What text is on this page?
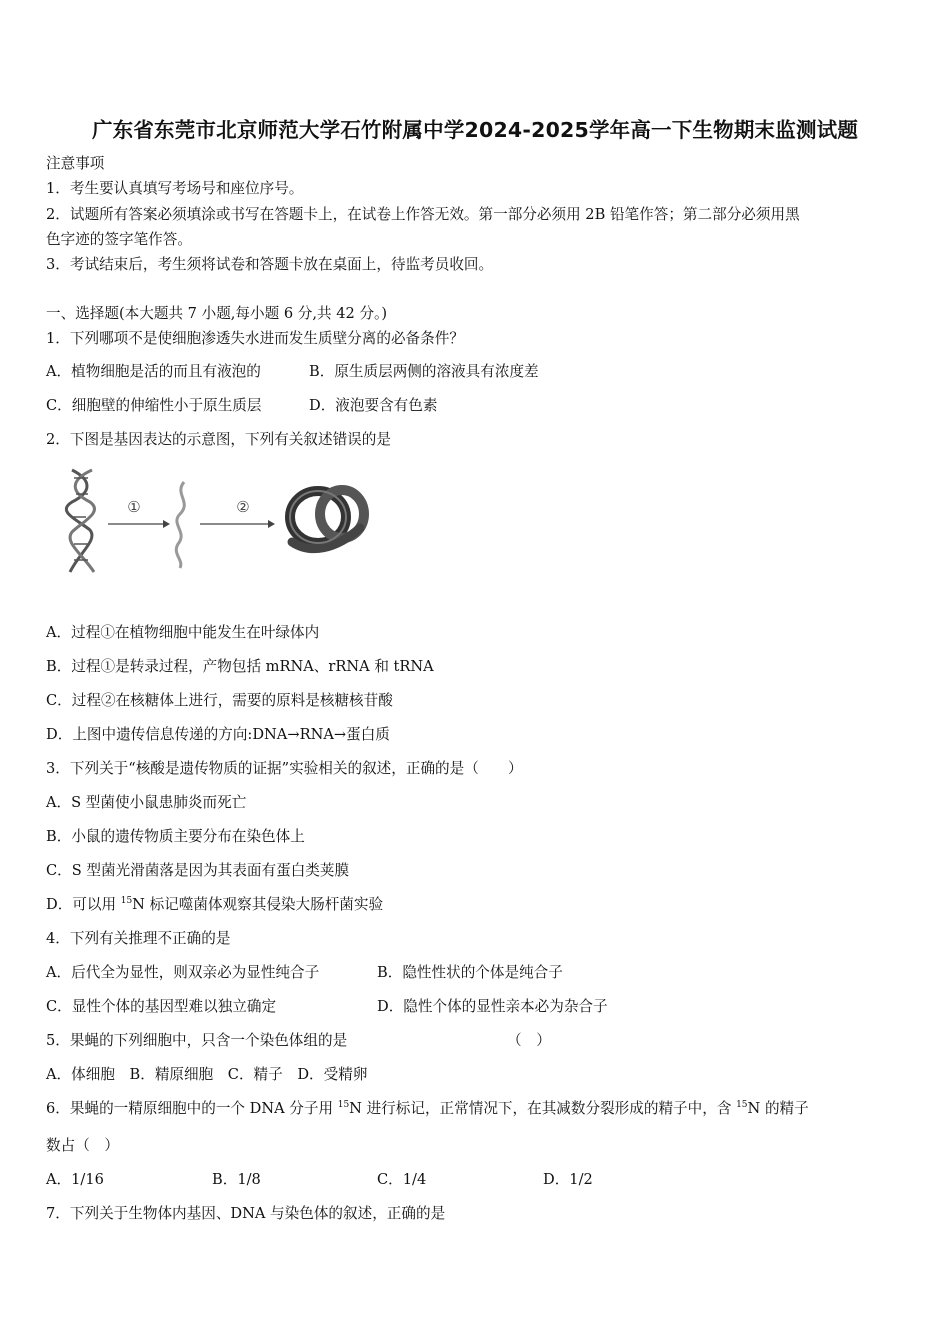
广东省东莞市北京师范大学石竹附属中学2024-2025学年高一下生物期末监测试题
注意事项
1．考生要认真填写考场号和座位序号。
2．试题所有答案必须填涂或书写在答题卡上，在试卷上作答无效。第一部分必须用 2B 铅笔作答；第二部分必须用黑
色字迹的签字笔作答。
3．考试结束后，考生须将试卷和答题卡放在桌面上，待监考员收回。
一、选择题(本大题共 7 小题,每小题 6 分,共 42 分。)
1．下列哪项不是使细胞渗透失水进而发生质壁分离的必备条件？
A．植物细胞是活的而且有液泡的	B．原生质层两侧的溶液具有浓度差
C．细胞壁的伸缩性小于原生质层	D．液泡要含有色素
2．下图是基因表达的示意图，下列有关叙述错误的是
①	②
A．过程①在植物细胞中能发生在叶绿体内
B．过程①是转录过程，产物包括 mRNA、rRNA 和 tRNA
C．过程②在核糖体上进行，需要的原料是核糖核苷酸
D．上图中遗传信息传递的方向:DNA→RNA→蛋白质
3．下列关于“核酸是遗传物质的证据”实验相关的叙述，正确的是（　　）
A．S 型菌使小鼠患肺炎而死亡
B．小鼠的遗传物质主要分布在染色体上
C．S 型菌光滑菌落是因为其表面有蛋白类荚膜
D．可以用 $^{15}$N 标记噬菌体观察其侵染大肠杆菌实验
4．下列有关推理不正确的是
A．后代全为显性，则双亲必为显性纯合子	B．隐性性状的个体是纯合子
C．显性个体的基因型难以独立确定	D．隐性个体的显性亲本必为杂合子
5．果蝇的下列细胞中，只含一个染色体组的是	（　）
A．体细胞　B．精原细胞　C．精子　D．受精卵
6．果蝇的一精原细胞中的一个 DNA 分子用 $^{15}$N 进行标记，正常情况下，在其减数分裂形成的精子中，含 $^{15}$N 的精子
数占（　）
A．1/16	B．1/8	C．1/4	D．1/2
7．下列关于生物体内基因、DNA 与染色体的叙述，正确的是
